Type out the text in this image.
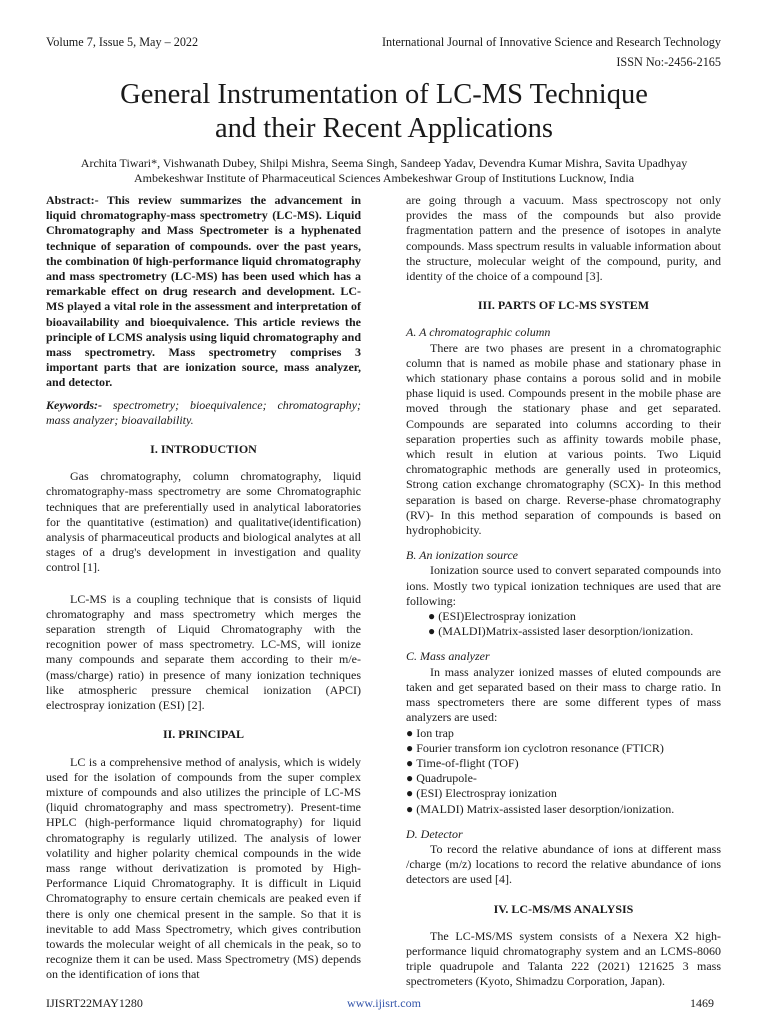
Volume 7, Issue 5, May – 2022	International Journal of Innovative Science and Research Technology
ISSN No:-2456-2165
General Instrumentation of LC-MS Technique
and their Recent Applications
Archita Tiwari*, Vishwanath Dubey, Shilpi Mishra, Seema Singh, Sandeep Yadav, Devendra Kumar Mishra, Savita Upadhyay
Ambekeshwar Institute of Pharmaceutical Sciences Ambekeshwar Group of Institutions Lucknow, India

Abstract:- This review summarizes the advancement in liquid chromatography-mass spectrometry (LC-MS). Liquid Chromatography and Mass Spectrometer is a hyphenated technique of separation of compounds. over the past years, the combination 0f high-performance liquid chromatography and mass spectrometry (LC-MS) has been used which has a remarkable effect on drug research and development. LC-MS played a vital role in the assessment and interpretation of bioavailability and bioequivalence. This article reviews the principle of LCMS analysis using liquid chromatography and mass spectrometry. Mass spectrometry comprises 3 important parts that are ionization source, mass analyzer, and detector.

Keywords:- spectrometry; bioequivalence; chromatography; mass analyzer; bioavailability.

I. INTRODUCTION

Gas chromatography, column chromatography, liquid chromatography-mass spectrometry are some Chromatographic techniques that are preferentially used in analytical laboratories for the quantitative (estimation) and qualitative(identification) analysis of pharmaceutical products and biological analytes at all stages of a drug's development in investigation and quality control [1].

LC-MS is a coupling technique that is consists of liquid chromatography and mass spectrometry which merges the separation strength of Liquid Chromatography with the recognition power of mass spectrometry. LC-MS, will ionize many compounds and separate them according to their m/e- (mass/charge) ratio) in presence of many ionization techniques like atmospheric pressure chemical ionization (APCI) electrospray ionization (ESI) [2].

II. PRINCIPAL

LC is a comprehensive method of analysis, which is widely used for the isolation of compounds from the super complex mixture of compounds and also utilizes the principle of LC-MS (liquid chromatography and mass spectrometry). Present-time HPLC (high-performance liquid chromatography) for liquid chromatography is regularly utilized. The analysis of lower volatility and higher polarity chemical compounds in the wide mass range without derivatization is promoted by High-Performance Liquid Chromatography. It is difficult in Liquid Chromatography to ensure certain chemicals are peaked even if there is only one chemical present in the sample. So that it is inevitable to add Mass Spectrometry, which gives contribution towards the molecular weight of all chemicals in the peak, so to recognize them it can be used. Mass Spectrometry (MS) depends on the identification of ions that

are going through a vacuum. Mass spectroscopy not only provides the mass of the compounds but also provide fragmentation pattern and the presence of isotopes in analyte compounds. Mass spectrum results in valuable information about the structure, molecular weight of the compound, purity, and identity of the choice of a compound [3].

III. PARTS OF LC-MS SYSTEM
A. A chromatographic column

There are two phases are present in a chromatographic column that is named as mobile phase and stationary phase in which stationary phase contains a porous solid and in mobile phase liquid is used. Compounds present in the mobile phase are moved through the stationary phase and get separated. Compounds are separated into columns according to their separation properties such as affinity towards mobile phase, which result in elution at various points. Two Liquid chromatographic methods are generally used in proteomics, Strong cation exchange chromatography (SCX)- In this method separation is based on charge. Reverse-phase chromatography (RV)- In this method separation of compounds is based on hydrophobicity.

B. An ionization source

Ionization source used to convert separated compounds into ions. Mostly two typical ionization techniques are used that are following:

● (ESI)Electrospray ionization
● (MALDI)Matrix-assisted laser desorption/ionization.
C. Mass analyzer

In mass analyzer ionized masses of eluted compounds are taken and get separated based on their mass to charge ratio. In mass spectrometers there are some different types of mass analyzers are used:

● Ion trap
● Fourier transform ion cyclotron resonance (FTICR)
● Time-of-flight (TOF)
● Quadrupole-
● (ESI) Electrospray ionization
● (MALDI) Matrix-assisted laser desorption/ionization.
D. Detector

To record the relative abundance of ions at different mass /charge (m/z) locations to record the relative abundance of ions detectors are used [4].

IV. LC-MS/MS ANALYSIS

The LC-MS/MS system consists of a Nexera X2 high-performance liquid chromatography system and an LCMS-8060 triple quadrupole and Talanta 222 (2021) 121625 3 mass spectrometers (Kyoto, Shimadzu Corporation, Japan).

IJISRT22MAY1280	www.ijisrt.com	1469
